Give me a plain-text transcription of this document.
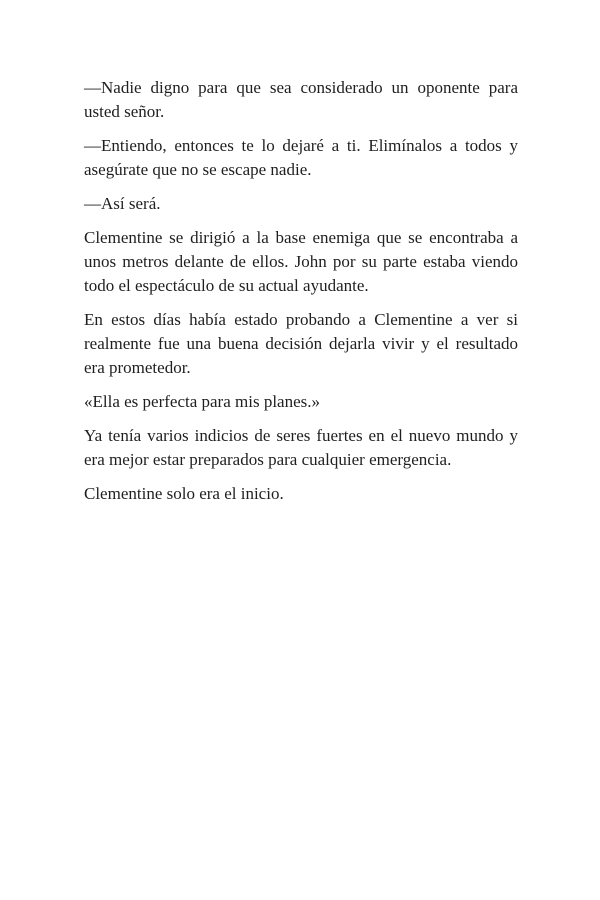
—Nadie digno para que sea considerado un oponente para usted señor.

—Entiendo, entonces te lo dejaré a ti. Elimínalos a todos y asegúrate que no se escape nadie.

—Así será.

Clementine se dirigió a la base enemiga que se encontraba a unos metros delante de ellos. John por su parte estaba viendo todo el espectáculo de su actual ayudante.

En estos días había estado probando a Clementine a ver si realmente fue una buena decisión dejarla vivir y el resultado era prometedor.

«Ella es perfecta para mis planes.»

Ya tenía varios indicios de seres fuertes en el nuevo mundo y era mejor estar preparados para cualquier emergencia.

Clementine solo era el inicio.
